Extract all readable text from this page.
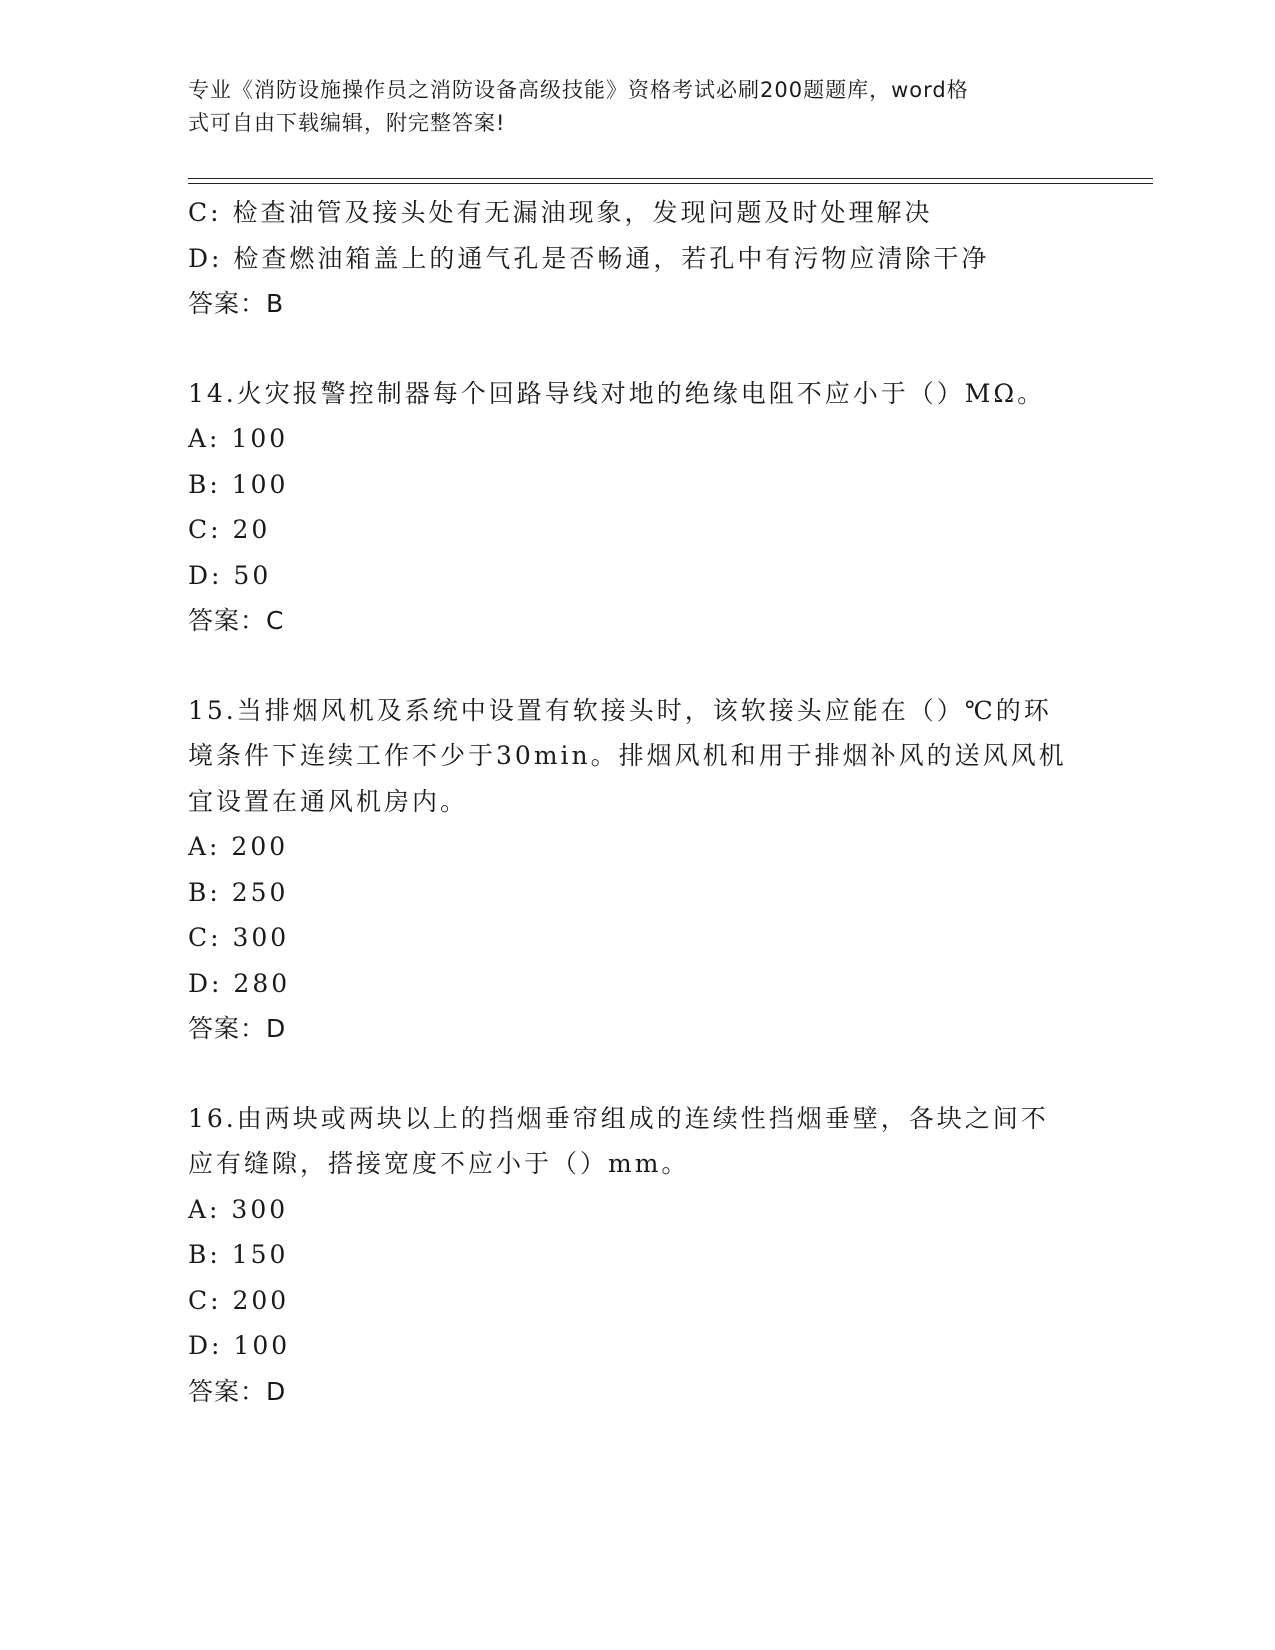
专业《消防设施操作员之消防设备高级技能》资格考试必刷200题题库，word格
式可自由下载编辑，附完整答案!
C: 检查油管及接头处有无漏油现象，发现问题及时处理解决
D: 检查燃油箱盖上的通气孔是否畅通，若孔中有污物应清除干净
答案：B
14.火灾报警控制器每个回路导线对地的绝缘电阻不应小于（）MΩ。
A: 100
B: 100
C: 20
D: 50
答案：C
15.当排烟风机及系统中设置有软接头时，该软接头应能在（）℃的环
境条件下连续工作不少于30min。排烟风机和用于排烟补风的送风风机
宜设置在通风机房内。
A: 200
B: 250
C: 300
D: 280
答案：D
16.由两块或两块以上的挡烟垂帘组成的连续性挡烟垂壁，各块之间不
应有缝隙，搭接宽度不应小于（）mm。
A: 300
B: 150
C: 200
D: 100
答案：D
